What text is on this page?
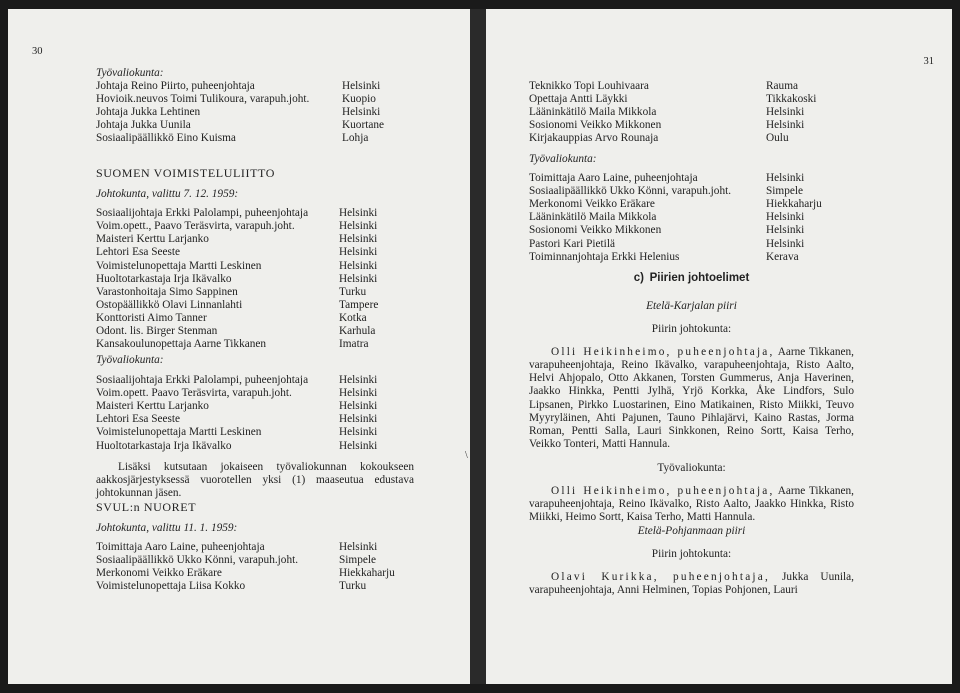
30
Työvaliokunta:
Johtaja Reino Piirto, puheenjohtaja	Helsinki
Hovioik.neuvos Toimi Tulikoura, varapuh.joht.	Kuopio
Johtaja Jukka Lehtinen	Helsinki
Johtaja Jukka Uunila	Kuortane
Sosiaalipäällikkö Eino Kuisma	Lohja
SUOMEN VOIMISTELULIITTO
Johtokunta, valittu 7. 12. 1959:
Sosiaalijohtaja Erkki Palolampi, puheenjohtaja	Helsinki
Voim.opett., Paavo Teräsvirta, varapuh.joht.	Helsinki
Maisteri Kerttu Larjanko	Helsinki
Lehtori Esa Seeste	Helsinki
Voimistelunopettaja Martti Leskinen	Helsinki
Huoltotarkastaja Irja Ikävalko	Helsinki
Varastonhoitaja Simo Sappinen	Turku
Ostopäällikkö Olavi Linnanlahti	Tampere
Konttoristi Aimo Tanner	Kotka
Odont. lis. Birger Stenman	Karhula
Kansakoulunopettaja Aarne Tikkanen	Imatra
Työvaliokunta:
Sosiaalijohtaja Erkki Palolampi, puheenjohtaja	Helsinki
Voim.opett. Paavo Teräsvirta, varapuh.joht.	Helsinki
Maisteri Kerttu Larjanko	Helsinki
Lehtori Esa Seeste	Helsinki
Voimistelunopettaja Martti Leskinen	Helsinki
Huoltotarkastaja Irja Ikävalko	Helsinki
Lisäksi kutsutaan jokaiseen työvaliokunnan kokoukseen aakkosjärjestyksessä vuorotellen yksi (1) maaseutua edustava johtokunnan jäsen.
SVUL:n NUORET
Johtokunta, valittu 11. 1. 1959:
Toimittaja Aaro Laine, puheenjohtaja	Helsinki
Sosiaalipäällikkö Ukko Könni, varapuh.joht.	Simpele
Merkonomi Veikko Eräkare	Hiekkaharju
Voimistelunopettaja Liisa Kokko	Turku
\
31
Teknikko Topi Louhivaara	Rauma
Opettaja Antti Läykki	Tikkakoski
Lääninkätilö Maila Mikkola	Helsinki
Sosionomi Veikko Mikkonen	Helsinki
Kirjakauppias Arvo Rounaja	Oulu
Työvaliokunta:
Toimittaja Aaro Laine, puheenjohtaja	Helsinki
Sosiaalipäällikkö Ukko Könni, varapuh.joht.	Simpele
Merkonomi Veikko Eräkare	Hiekkaharju
Lääninkätilö Maila Mikkola	Helsinki
Sosionomi Veikko Mikkonen	Helsinki
Pastori Kari Pietilä	Helsinki
Toiminnanjohtaja Erkki Helenius	Kerava
c) Piirien johtoelimet
Etelä-Karjalan piiri
Piirin johtokunta:
Olli Heikinheimo, puheenjohtaja, Aarne Tikkanen, varapuheenjohtaja, Reino Ikävalko, varapuheenjohtaja, Risto Aalto, Helvi Ahjopalo, Otto Akkanen, Torsten Gummerus, Anja Haverinen, Jaakko Hinkka, Pentti Jylhä, Yrjö Korkka, Åke Lindfors, Sulo Lipsanen, Pirkko Luostarinen, Eino Matikainen, Risto Miikki, Teuvo Myyryläinen, Ahti Pajunen, Tauno Pihlajärvi, Kaino Rastas, Jorma Roman, Pentti Salla, Lauri Sinkkonen, Reino Sortt, Kaisa Terho, Veikko Tonteri, Matti Hannula.
Työvaliokunta:
Olli Heikinheimo, puheenjohtaja, Aarne Tikkanen, varapuheenjohtaja, Reino Ikävalko, Risto Aalto, Jaakko Hinkka, Risto Miikki, Heimo Sortt, Kaisa Terho, Matti Hannula.
Etelä-Pohjanmaan piiri
Piirin johtokunta:
Olavi Kurikka, puheenjohtaja, Jukka Uunila, varapuheenjohtaja, Anni Helminen, Topias Pohjonen, Lauri
